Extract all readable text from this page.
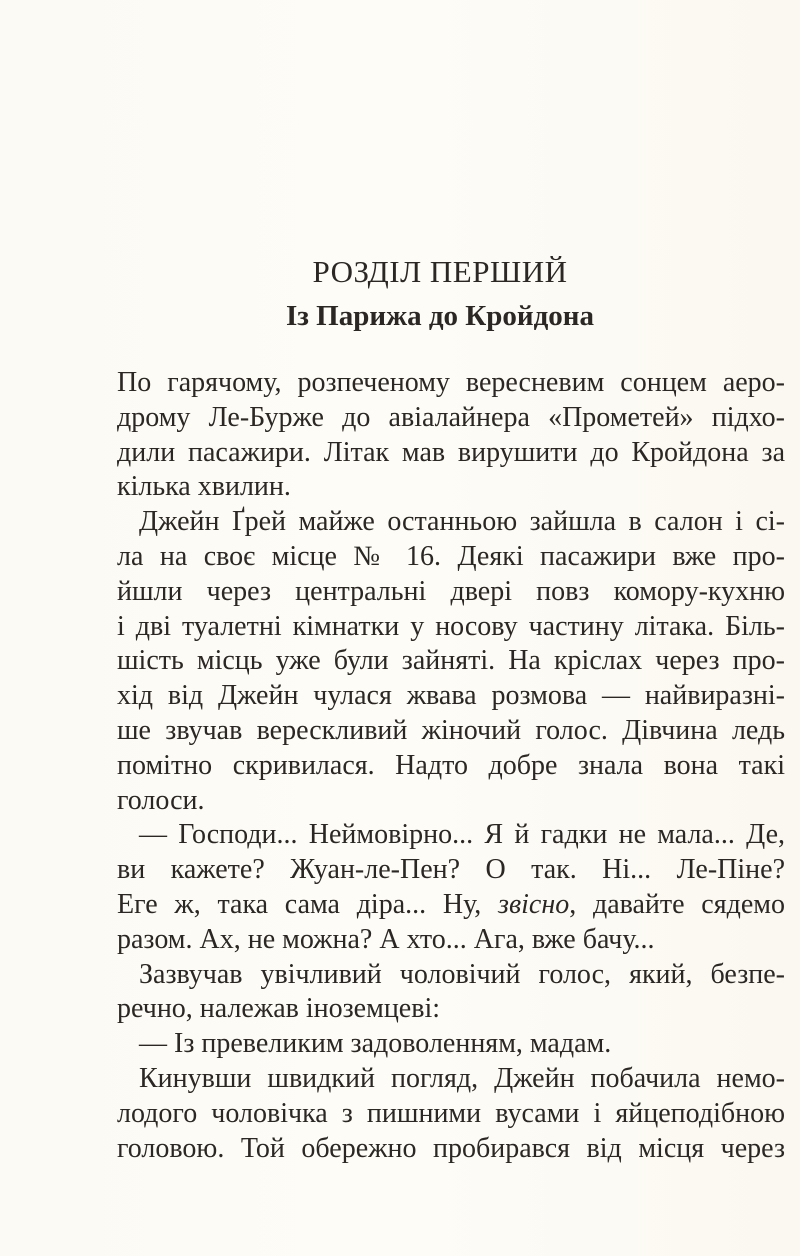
РОЗДІЛ ПЕРШИЙ
Із Парижа до Кройдона
По гарячому, розпеченому вересневим сонцем аеро-
дрому Ле-Бурже до авіалайнера «Прометей» підхо-
дили пасажири. Літак мав вирушити до Кройдона за
кілька хвилин.
Джейн Ґрей майже останньою зайшла в салон і сі-
ла на своє місце № 16. Деякі пасажири вже про-
йшли через центральні двері повз комору-кухню
і дві туалетні кімнатки у носову частину літака. Біль-
шість місць уже були зайняті. На кріслах через про-
хід від Джейн чулася жвава розмова — найвиразні-
ше звучав верескливий жіночий голос. Дівчина ледь
помітно скривилася. Надто добре знала вона такі
голоси.
— Господи... Неймовірно... Я й гадки не мала... Де,
ви кажете? Жуан-ле-Пен? О так. Ні... Ле-Піне?
Еге ж, така сама діра... Ну, звісно, давайте сядемо
разом. Ах, не можна? А хто... Ага, вже бачу...
Зазвучав увічливий чоловічий голос, який, безпе-
речно, належав іноземцеві:
— Із превеликим задоволенням, мадам.
Кинувши швидкий погляд, Джейн побачила немо-
лодого чоловічка з пишними вусами і яйцеподібною
головою. Той обережно пробирався від місця через
